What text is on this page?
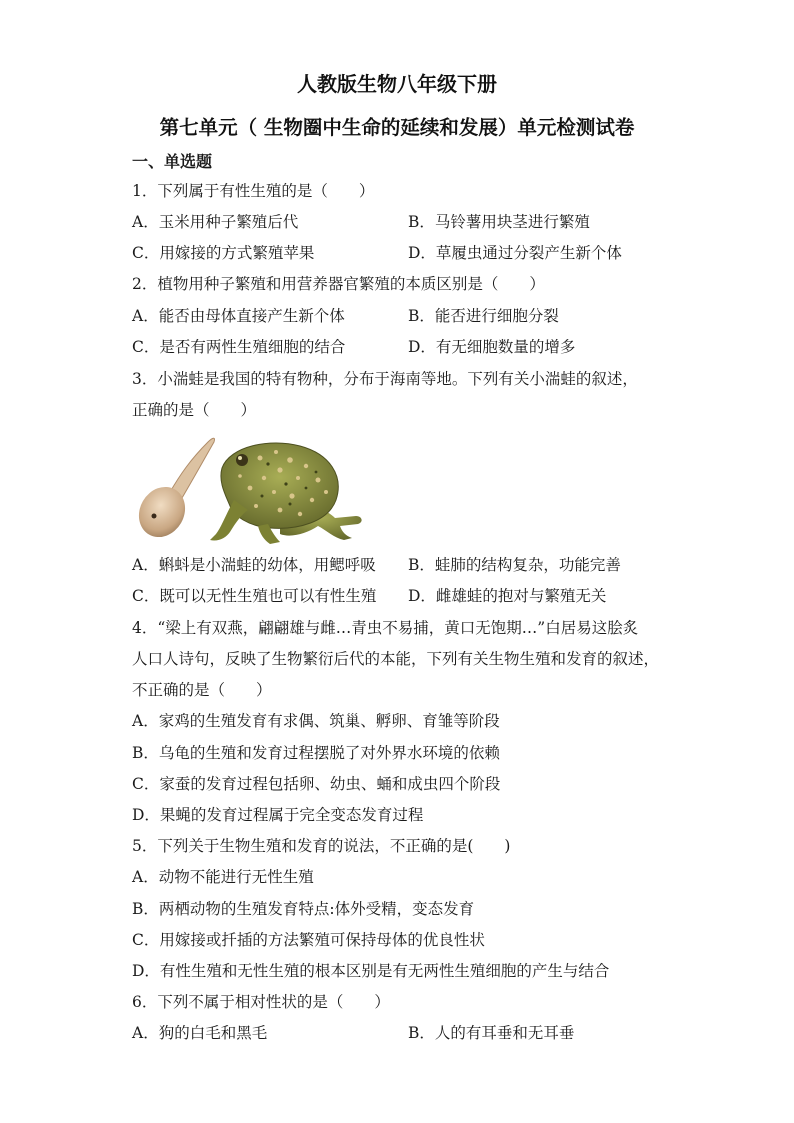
人教版生物八年级下册
第七单元（ 生物圈中生命的延续和发展）单元检测试卷
一、单选题
1．下列属于有性生殖的是（　　）
A．玉米用种子繁殖后代	B．马铃薯用块茎进行繁殖
C．用嫁接的方式繁殖苹果	D．草履虫通过分裂产生新个体
2．植物用种子繁殖和用营养器官繁殖的本质区别是（　　）
A．能否由母体直接产生新个体	B．能否进行细胞分裂
C．是否有两性生殖细胞的结合	D．有无细胞数量的增多
3．小湍蛙是我国的特有物种，分布于海南等地。下列有关小湍蛙的叙述，
正确的是（　　）
A．蝌蚪是小湍蛙的幼体，用鳃呼吸 B．蛙肺的结构复杂，功能完善
C．既可以无性生殖也可以有性生殖 D．雌雄蛙的抱对与繁殖无关
4．“梁上有双燕，翩翩雄与雌…青虫不易捕，黄口无饱期…”白居易这脍炙
人口人诗句，反映了生物繁衍后代的本能，下列有关生物生殖和发育的叙述，
不正确的是（　　）
A．家鸡的生殖发育有求偶、筑巢、孵卵、育雏等阶段
B．乌龟的生殖和发育过程摆脱了对外界水环境的依赖
C．家蚕的发育过程包括卵、幼虫、蛹和成虫四个阶段
D．果蝇的发育过程属于完全变态发育过程
5．下列关于生物生殖和发育的说法，不正确的是(　　)
A．动物不能进行无性生殖
B．两栖动物的生殖发育特点:体外受精，变态发育
C．用嫁接或扦插的方法繁殖可保持母体的优良性状
D．有性生殖和无性生殖的根本区别是有无两性生殖细胞的产生与结合
6．下列不属于相对性状的是（　　）
A．狗的白毛和黑毛	B．人的有耳垂和无耳垂
